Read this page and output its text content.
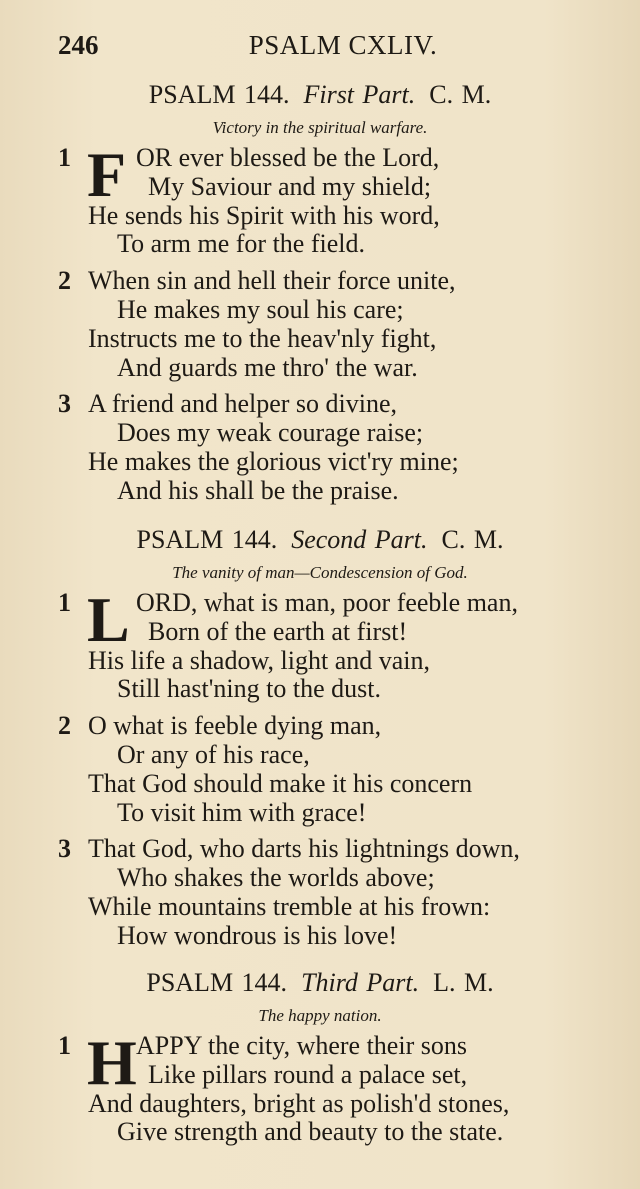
246	PSALM CXLIV.
PSALM 144. First Part. C. M.
Victory in the spiritual warfare.
1 F OR ever blessed be the Lord,
My Saviour and my shield;
He sends his Spirit with his word,
To arm me for the field.
2 When sin and hell their force unite,
He makes my soul his care;
Instructs me to the heav'nly fight,
And guards me thro' the war.
3 A friend and helper so divine,
Does my weak courage raise;
He makes the glorious vict'ry mine;
And his shall be the praise.
PSALM 144. Second Part. C. M.
The vanity of man—Condescension of God.
1 L ORD, what is man, poor feeble man,
Born of the earth at first!
His life a shadow, light and vain,
Still hast'ning to the dust.
2 O what is feeble dying man,
Or any of his race,
That God should make it his concern
To visit him with grace!
3 That God, who darts his lightnings down,
Who shakes the worlds above;
While mountains tremble at his frown:
How wondrous is his love!
PSALM 144. Third Part. L. M.
The happy nation.
1 H APPY the city, where their sons
Like pillars round a palace set,
And daughters, bright as polish'd stones,
Give strength and beauty to the state.
